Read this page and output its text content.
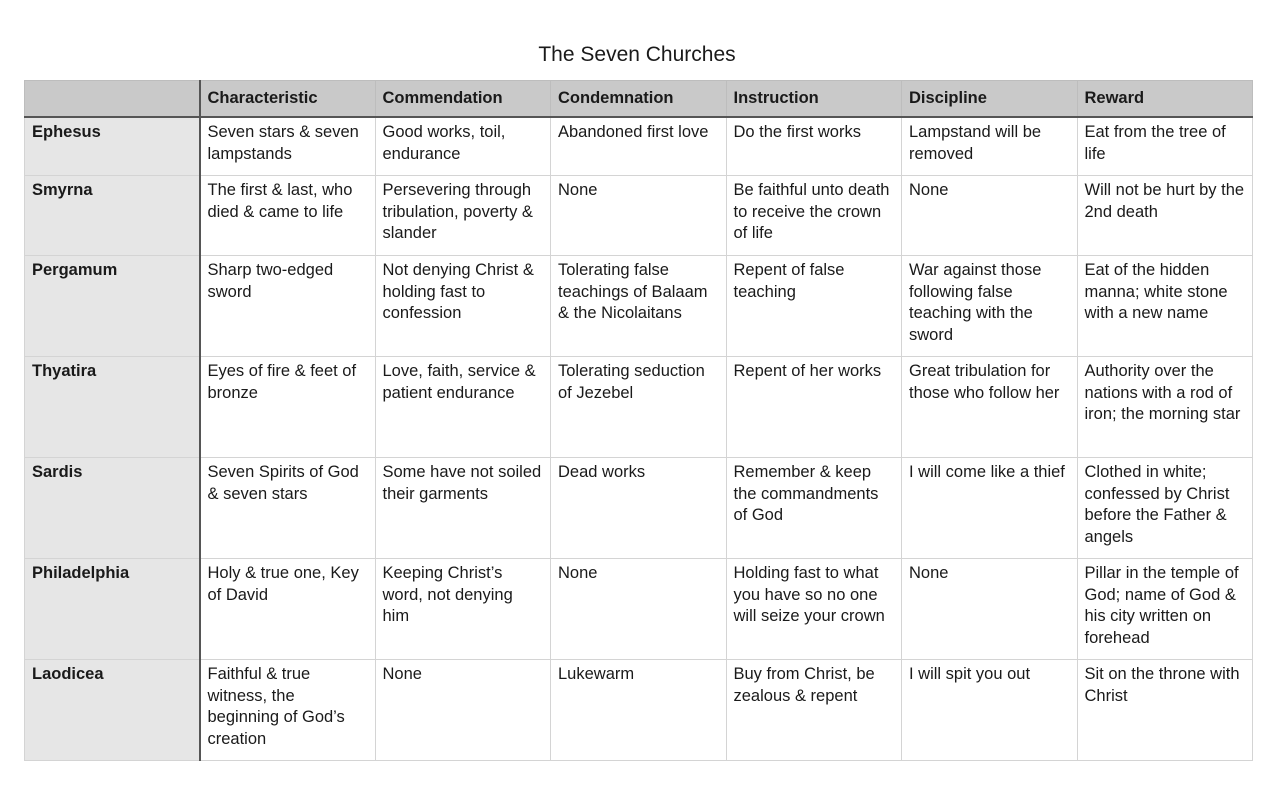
The Seven Churches
	Characteristic	Commendation	Condemnation	Instruction	Discipline	Reward
Ephesus	Seven stars & seven lampstands	Good works, toil, endurance	Abandoned first love	Do the first works	Lampstand will be removed	Eat from the tree of life
Smyrna	The first & last, who died & came to life	Persevering through tribulation, poverty & slander	None	Be faithful unto death to receive the crown of life	None	Will not be hurt by the 2nd death
Pergamum	Sharp two-edged sword	Not denying Christ & holding fast to confession	Tolerating false teachings of Balaam & the Nicolaitans	Repent of false teaching	War against those following false teaching with the sword	Eat of the hidden manna; white stone with a new name
Thyatira	Eyes of fire & feet of bronze	Love, faith, service & patient endurance	Tolerating seduction of Jezebel	Repent of her works	Great tribulation for those who follow her	Authority over the nations with a rod of iron; the morning star
Sardis	Seven Spirits of God & seven stars	Some have not soiled their garments	Dead works	Remember & keep the commandments of God	I will come like a thief	Clothed in white; confessed by Christ before the Father & angels
Philadelphia	Holy & true one, Key of David	Keeping Christ’s word, not denying him	None	Holding fast to what you have so no one will seize your crown	None	Pillar in the temple of God; name of God & his city written on forehead
Laodicea	Faithful & true witness, the beginning of God’s creation	None	Lukewarm	Buy from Christ, be zealous & repent	I will spit you out	Sit on the throne with Christ
